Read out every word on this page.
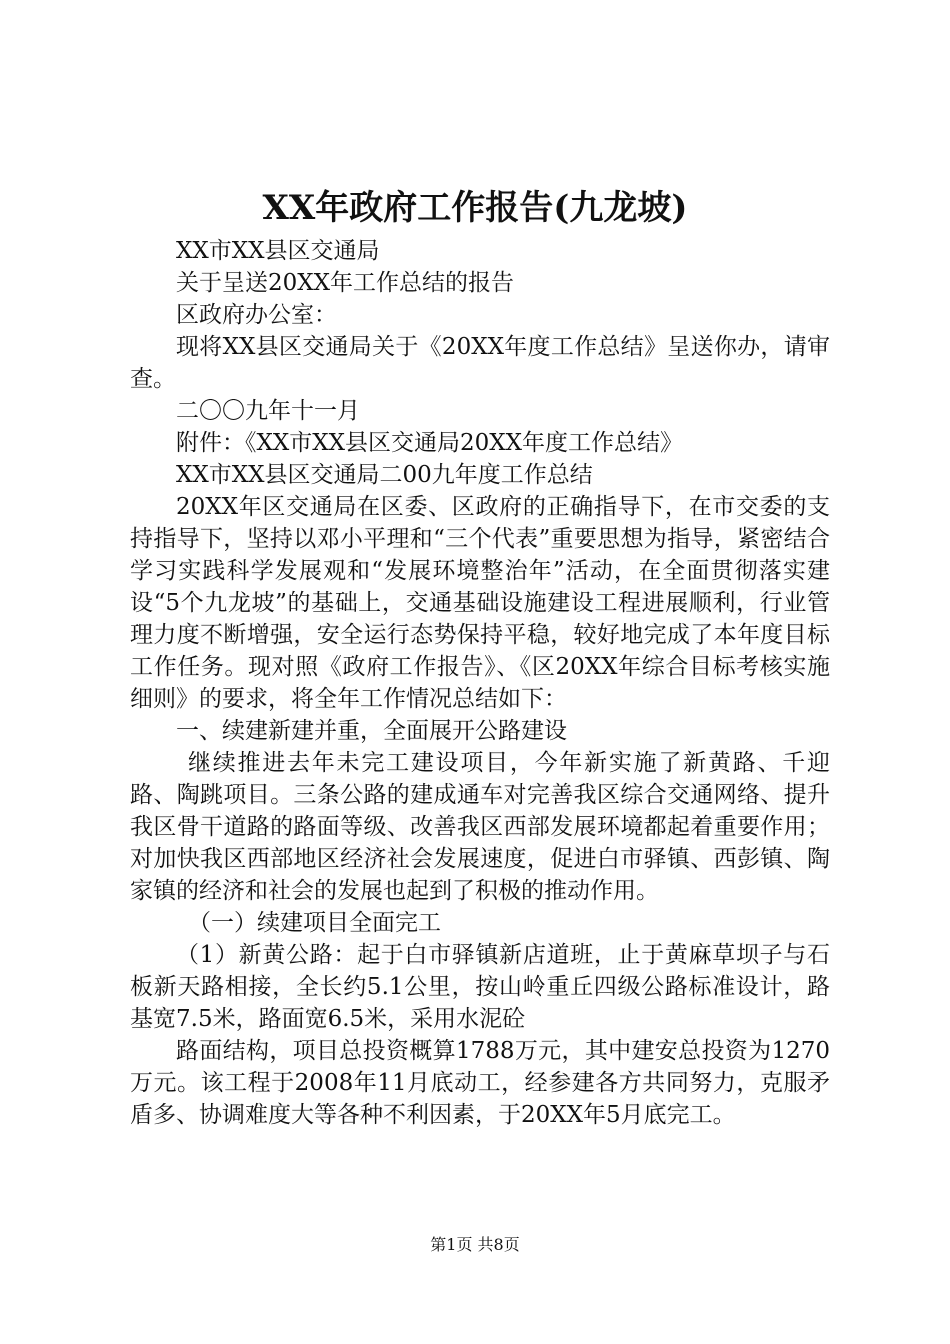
XX年政府工作报告(九龙坡)

XX市XX县区交通局

关于呈送20XX年工作总结的报告

区政府办公室：

现将XX县区交通局关于《20XX年度工作总结》呈送你办，请审查。

二〇〇九年十一月

附件：《XX市XX县区交通局20XX年度工作总结》

XX市XX县区交通局二00九年度工作总结

20XX年区交通局在区委、区政府的正确指导下，在市交委的支持指导下，坚持以邓小平理和“三个代表”重要思想为指导，紧密结合学习实践科学发展观和“发展环境整治年”活动，在全面贯彻落实建设“5个九龙坡”的基础上，交通基础设施建设工程进展顺利，行业管理力度不断增强，安全运行态势保持平稳，较好地完成了本年度目标工作任务。现对照《政府工作报告》、《区20XX年综合目标考核实施细则》的要求，将全年工作情况总结如下：

一、续建新建并重，全面展开公路建设

继续推进去年未完工建设项目，今年新实施了新黄路、千迎路、陶跳项目。三条公路的建成通车对完善我区综合交通网络、提升我区骨干道路的路面等级、改善我区西部发展环境都起着重要作用；对加快我区西部地区经济社会发展速度，促进白市驿镇、西彭镇、陶家镇的经济和社会的发展也起到了积极的推动作用。

（一）续建项目全面完工

（1）新黄公路：起于白市驿镇新店道班，止于黄麻草坝子与石板新天路相接，全长约5.1公里，按山岭重丘四级公路标准设计，路基宽7.5米，路面宽6.5米，采用水泥砼

路面结构，项目总投资概算1788万元，其中建安总投资为1270万元。该工程于2008年11月底动工，经参建各方共同努力，克服矛盾多、协调难度大等各种不利因素，于20XX年5月底完工。

第1页 共8页
